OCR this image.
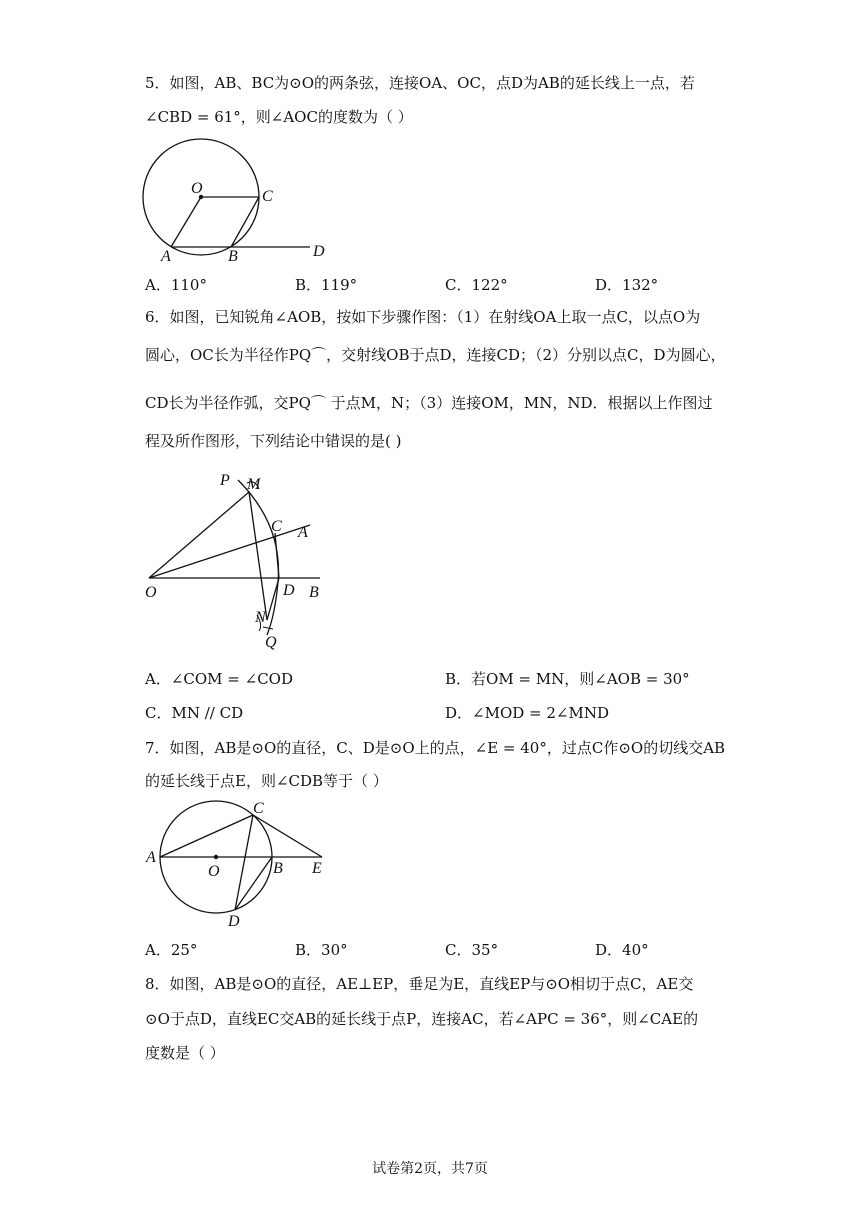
5．如图，AB、BC为⊙O的两条弦，连接OA、OC，点D为AB的延长线上一点，若
∠CBD = 61°，则∠AOC的度数为（ ）
O	C
A	B	D
A．110°	B．119°	C．122°	D．132°
6．如图，已知锐角∠AOB，按如下步骤作图：（1）在射线OA上取一点C，以点O为
圆心，OC长为半径作PQ⌒，交射线OB于点D，连接CD；（2）分别以点C，D为圆心，
CD长为半径作弧，交PQ⌒ 于点M，N；（3）连接OM，MN，ND．根据以上作图过
程及所作图形，下列结论中错误的是( )
P M
C A
O	D B
N
Q
A．∠COM = ∠COD	B．若OM = MN，则∠AOB = 30°
C．MN // CD	D．∠MOD = 2∠MND
7．如图，AB是⊙O的直径，C、D是⊙O上的点，∠E = 40°，过点C作⊙O的切线交AB
的延长线于点E，则∠CDB等于（ ）
C
A
O	B E
D
A．25°	B．30°	C．35°	D．40°
8．如图，AB是⊙O的直径，AE⊥EP，垂足为E，直线EP与⊙O相切于点C，AE交
⊙O于点D，直线EC交AB的延长线于点P，连接AC，若∠APC = 36°，则∠CAE的
度数是（ ）
试卷第2页，共7页
